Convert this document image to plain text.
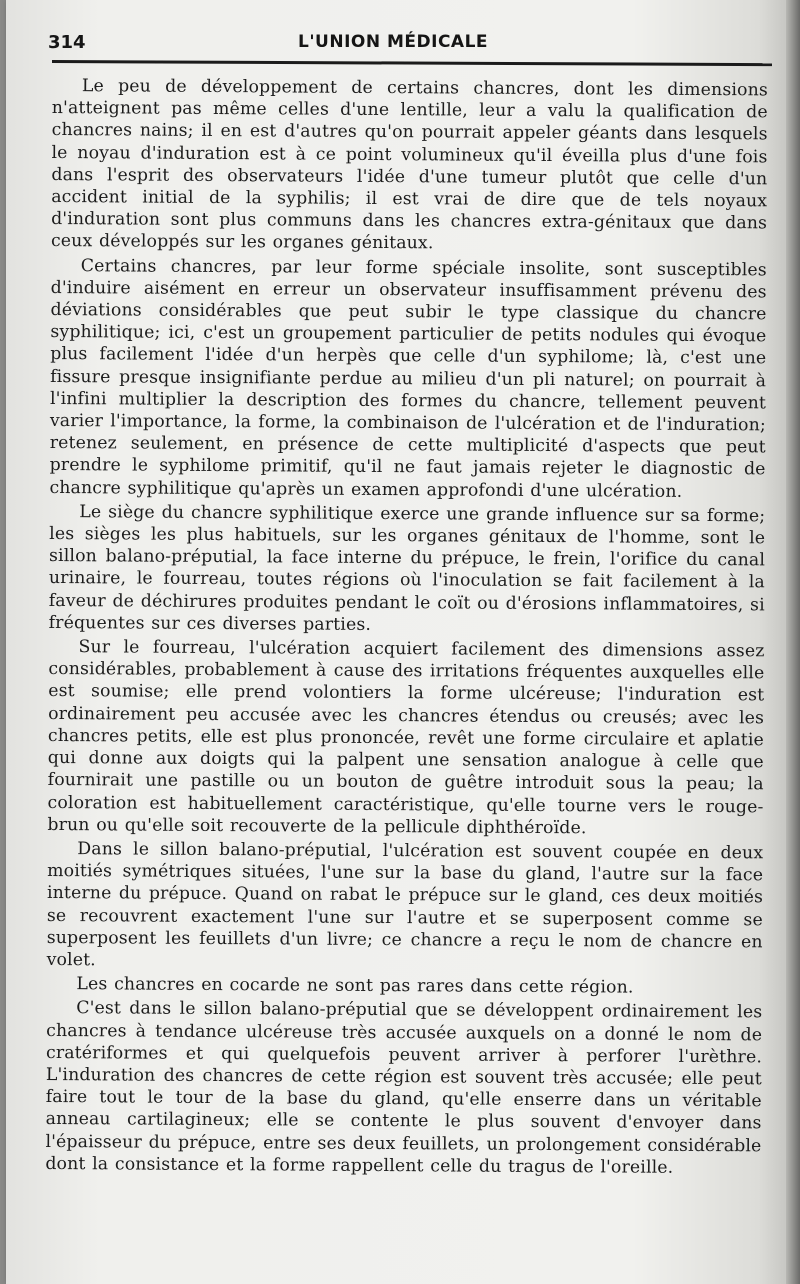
314	L'UNION MÉDICALE

Le peu de développement de certains chancres, dont les dimensions n'atteignent pas même celles d'une lentille, leur a valu la qualification de chancres nains; il en est d'autres qu'on pourrait appeler géants dans lesquels le noyau d'induration est à ce point volumineux qu'il éveilla plus d'une fois dans l'esprit des observateurs l'idée d'une tumeur plutôt que celle d'un accident initial de la syphilis; il est vrai de dire que de tels noyaux d'induration sont plus communs dans les chancres extra-génitaux que dans ceux développés sur les organes génitaux.

Certains chancres, par leur forme spéciale insolite, sont susceptibles d'induire aisément en erreur un observateur insuffisamment prévenu des déviations considérables que peut subir le type classique du chancre syphilitique; ici, c'est un groupement particulier de petits nodules qui évoque plus facilement l'idée d'un herpès que celle d'un syphilome; là, c'est une fissure presque insignifiante perdue au milieu d'un pli naturel; on pourrait à l'infini multiplier la description des formes du chancre, tellement peuvent varier l'importance, la forme, la combinaison de l'ulcération et de l'induration; retenez seulement, en présence de cette multiplicité d'aspects que peut prendre le syphilome primitif, qu'il ne faut jamais rejeter le diagnostic de chancre syphilitique qu'après un examen approfondi d'une ulcération.

Le siège du chancre syphilitique exerce une grande influence sur sa forme; les sièges les plus habituels, sur les organes génitaux de l'homme, sont le sillon balano-préputial, la face interne du prépuce, le frein, l'orifice du canal urinaire, le fourreau, toutes régions où l'inoculation se fait facilement à la faveur de déchirures produites pendant le coït ou d'érosions inflammatoires, si fréquentes sur ces diverses parties.

Sur le fourreau, l'ulcération acquiert facilement des dimensions assez considérables, probablement à cause des irritations fréquentes auxquelles elle est soumise; elle prend volontiers la forme ulcéreuse; l'induration est ordinairement peu accusée avec les chancres étendus ou creusés; avec les chancres petits, elle est plus prononcée, revêt une forme circulaire et aplatie qui donne aux doigts qui la palpent une sensation analogue à celle que fournirait une pastille ou un bouton de guêtre introduit sous la peau; la coloration est habituellement caractéristique, qu'elle tourne vers le rouge-brun ou qu'elle soit recouverte de la pellicule diphthéroïde.

Dans le sillon balano-préputial, l'ulcération est souvent coupée en deux moitiés symétriques situées, l'une sur la base du gland, l'autre sur la face interne du prépuce. Quand on rabat le prépuce sur le gland, ces deux moitiés se recouvrent exactement l'une sur l'autre et se superposent comme se superposent les feuillets d'un livre; ce chancre a reçu le nom de chancre en volet.

Les chancres en cocarde ne sont pas rares dans cette région.

C'est dans le sillon balano-préputial que se développent ordinairement les chancres à tendance ulcéreuse très accusée auxquels on a donné le nom de cratériformes et qui quelquefois peuvent arriver à perforer l'urèthre. L'induration des chancres de cette région est souvent très accusée; elle peut faire tout le tour de la base du gland, qu'elle enserre dans un véritable anneau cartilagineux; elle se contente le plus souvent d'envoyer dans l'épaisseur du prépuce, entre ses deux feuillets, un prolongement considérable dont la consistance et la forme rappellent celle du tragus de l'oreille.
